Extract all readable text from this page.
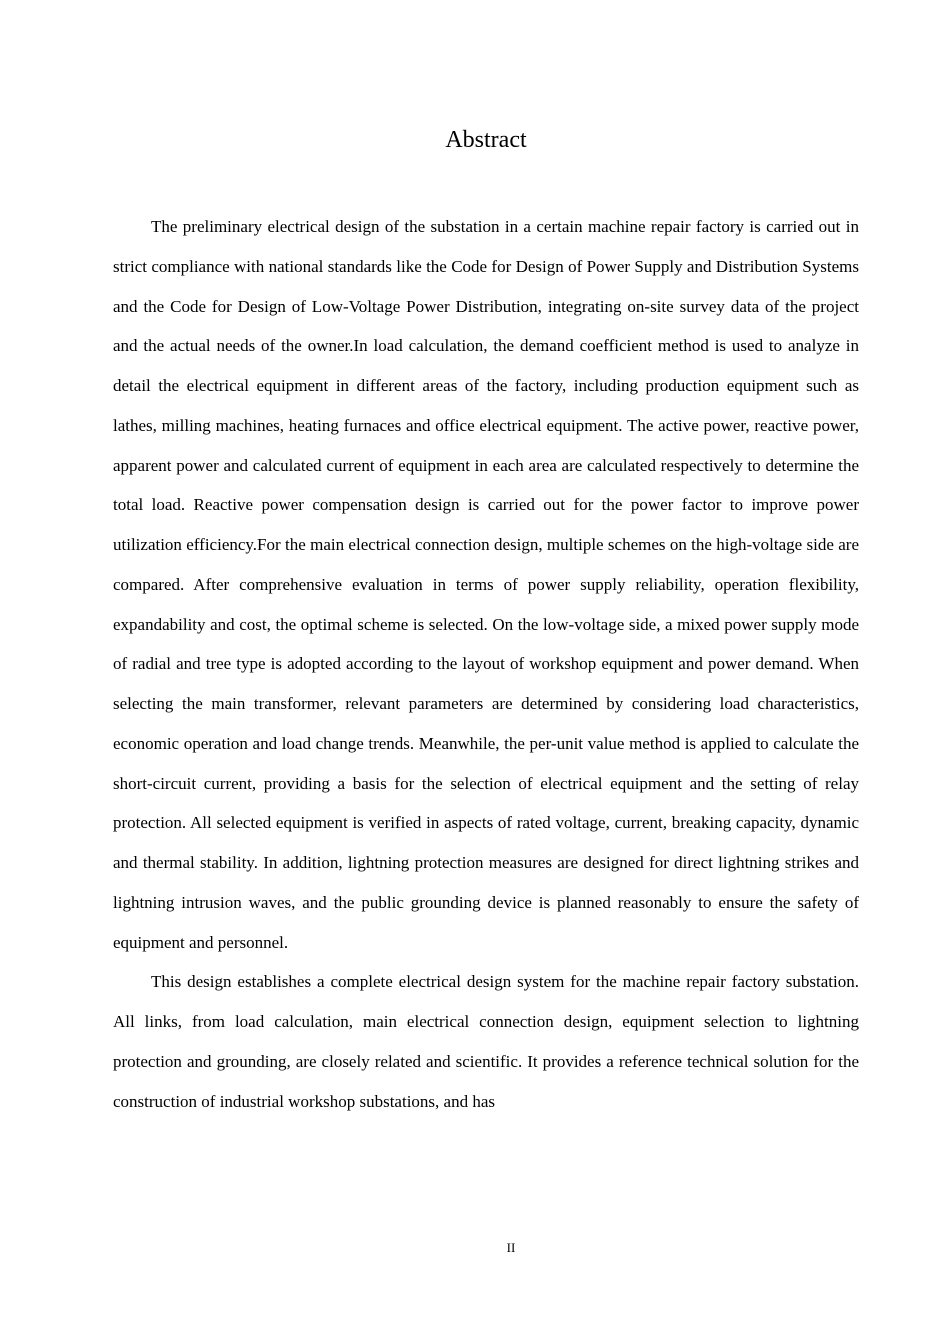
Abstract

The preliminary electrical design of the substation in a certain machine repair factory is carried out in strict compliance with national standards like the Code for Design of Power Supply and Distribution Systems and the Code for Design of Low-Voltage Power Distribution, integrating on-site survey data of the project and the actual needs of the owner.In load calculation, the demand coefficient method is used to analyze in detail the electrical equipment in different areas of the factory, including production equipment such as lathes, milling machines, heating furnaces and office electrical equipment. The active power, reactive power, apparent power and calculated current of equipment in each area are calculated respectively to determine the total load. Reactive power compensation design is carried out for the power factor to improve power utilization efficiency.For the main electrical connection design, multiple schemes on the high-voltage side are compared. After comprehensive evaluation in terms of power supply reliability, operation flexibility, expandability and cost, the optimal scheme is selected. On the low-voltage side, a mixed power supply mode of radial and tree type is adopted according to the layout of workshop equipment and power demand. When selecting the main transformer, relevant parameters are determined by considering load characteristics, economic operation and load change trends. Meanwhile, the per-unit value method is applied to calculate the short-circuit current, providing a basis for the selection of electrical equipment and the setting of relay protection. All selected equipment is verified in aspects of rated voltage, current, breaking capacity, dynamic and thermal stability. In addition, lightning protection measures are designed for direct lightning strikes and lightning intrusion waves, and the public grounding device is planned reasonably to ensure the safety of equipment and personnel.

This design establishes a complete electrical design system for the machine repair factory substation. All links, from load calculation, main electrical connection design, equipment selection to lightning protection and grounding, are closely related and scientific. It provides a reference technical solution for the construction of industrial workshop substations, and has

II
